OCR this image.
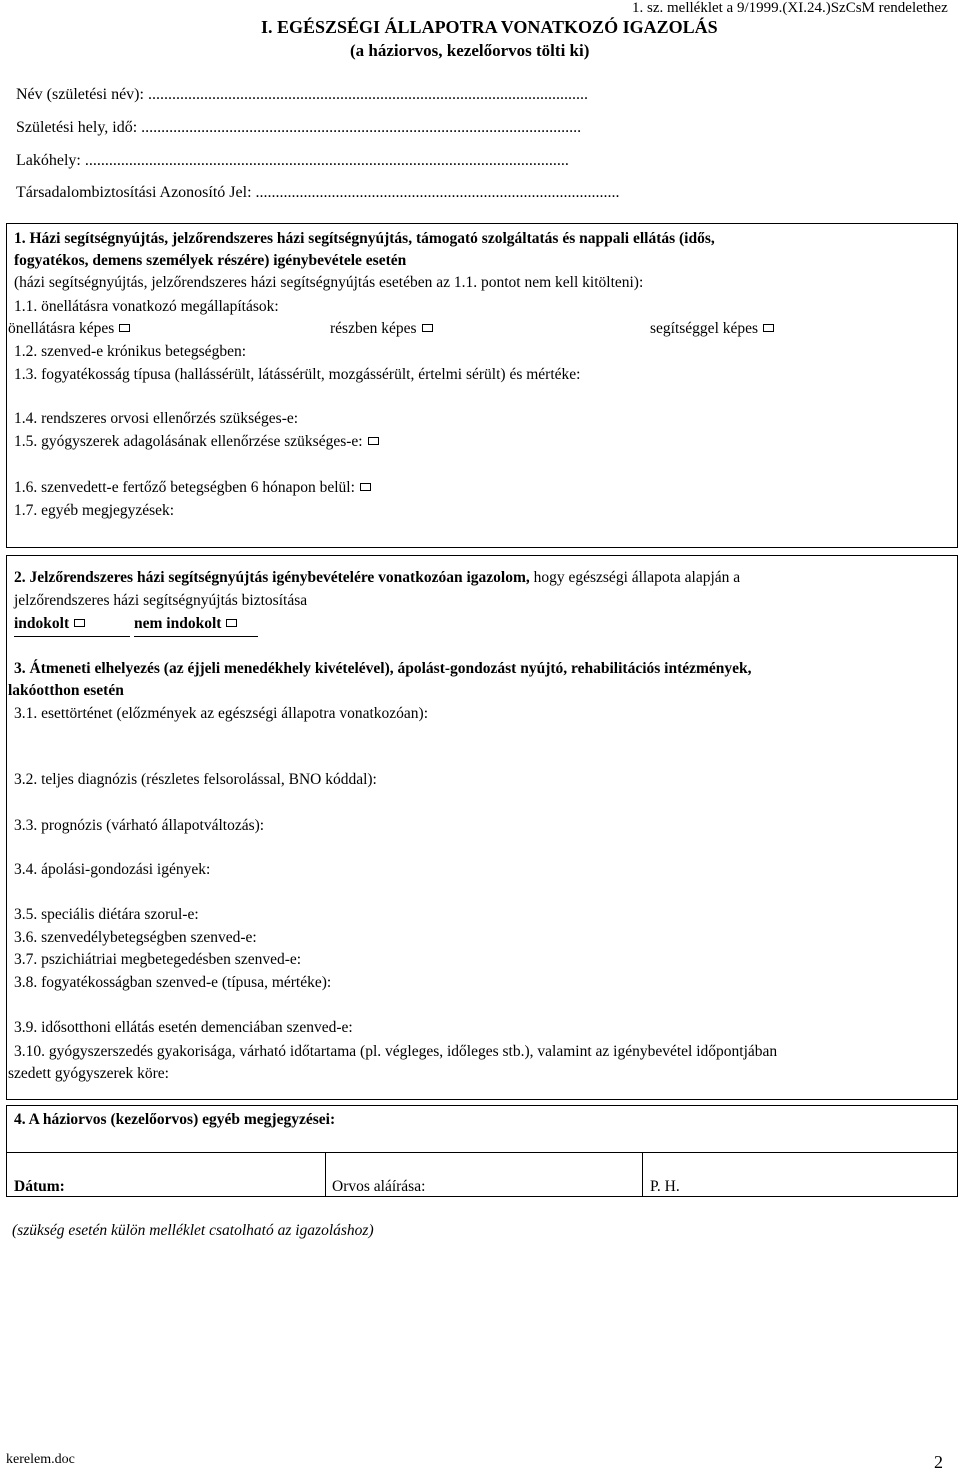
1. sz. melléklet a 9/1999.(XI.24.)SzCsM rendelethez
I. EGÉSZSÉGI ÁLLAPOTRA VONATKOZÓ IGAZOLÁS
(a háziorvos, kezelőorvos tölti ki)
Név (születési név): ..............................................................................................................
Születési hely, idő: ..............................................................................................................
Lakóhely: .........................................................................................................................
Társadalombiztosítási Azonosító Jel: ...........................................................................................
1. Házi segítségnyújtás, jelzőrendszeres házi segítségnyújtás, támogató szolgáltatás és nappali ellátás (idős,
fogyatékos, demens személyek részére) igénybevétele esetén
(házi segítségnyújtás, jelzőrendszeres házi segítségnyújtás esetében az 1.1. pontot nem kell kitölteni):
1.1. önellátásra vonatkozó megállapítások:
önellátásra képes	részben képes	segítséggel képes
1.2. szenved-e krónikus betegségben:
1.3. fogyatékosság típusa (hallássérült, látássérült, mozgássérült, értelmi sérült) és mértéke:
1.4. rendszeres orvosi ellenőrzés szükséges-e:
1.5. gyógyszerek adagolásának ellenőrzése szükséges-e:
1.6. szenvedett-e fertőző betegségben 6 hónapon belül:
1.7. egyéb megjegyzések:
2. Jelzőrendszeres házi segítségnyújtás igénybevételére vonatkozóan igazolom, hogy egészségi állapota alapján a
jelzőrendszeres házi segítségnyújtás biztosítása
indokolt	nem indokolt
3. Átmeneti elhelyezés (az éjjeli menedékhely kivételével), ápolást-gondozást nyújtó, rehabilitációs intézmények,
lakóotthon esetén
3.1. esettörténet (előzmények az egészségi állapotra vonatkozóan):
3.2. teljes diagnózis (részletes felsorolással, BNO kóddal):
3.3. prognózis (várható állapotváltozás):
3.4. ápolási-gondozási igények:
3.5. speciális diétára szorul-e:
3.6. szenvedélybetegségben szenved-e:
3.7. pszichiátriai megbetegedésben szenved-e:
3.8. fogyatékosságban szenved-e (típusa, mértéke):
3.9. idősotthoni ellátás esetén demenciában szenved-e:
3.10. gyógyszerszedés gyakorisága, várható időtartama (pl. végleges, időleges stb.), valamint az igénybevétel időpontjában
szedett gyógyszerek köre:
4. A háziorvos (kezelőorvos) egyéb megjegyzései:
Dátum:	Orvos aláírása:	P. H.
(szükség esetén külön melléklet csatolható az igazoláshoz)
kerelem.doc	2
